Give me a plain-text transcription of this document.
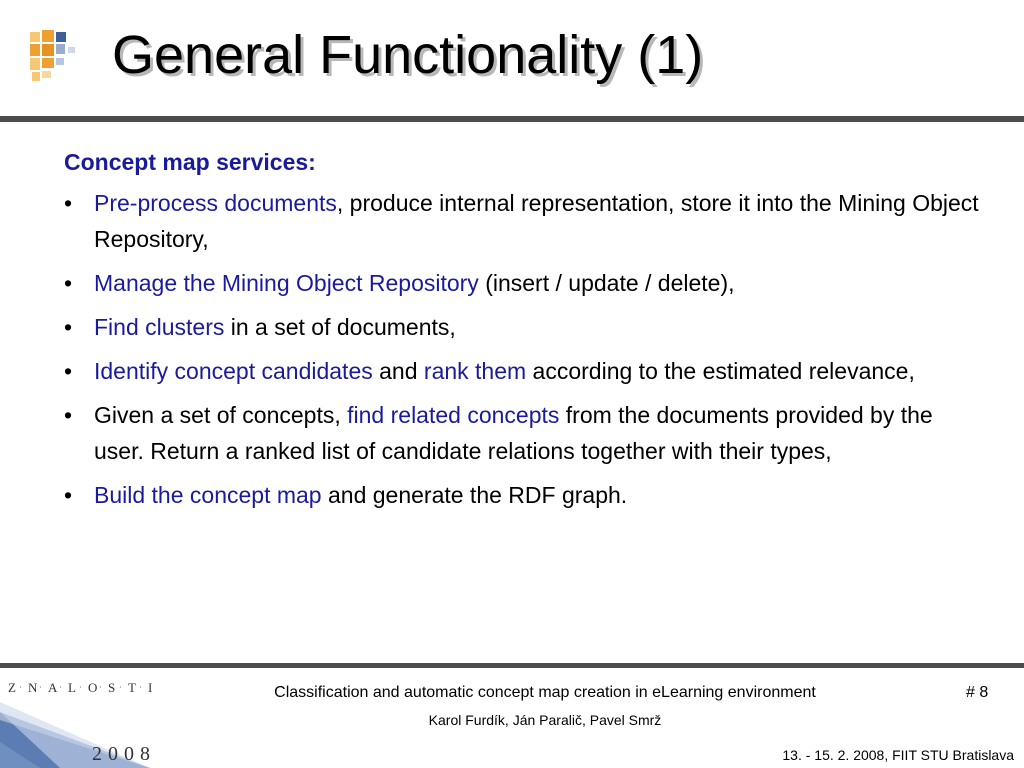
General Functionality (1)
Concept map services:
• Pre-process documents, produce internal representation, store it into the Mining Object Repository,
• Manage the Mining Object Repository (insert / update / delete),
• Find clusters in a set of documents,
• Identify concept candidates and rank them according to the estimated relevance,
• Given a set of concepts, find related concepts from the documents provided by the user. Return a ranked list of candidate relations together with their types,
• Build the concept map and generate the RDF graph.
Z · N · A · L · O · S · T · I
2008
Classification and automatic concept map creation in eLearning environment
Karol Furdík, Ján Paralič, Pavel Smrž
# 8
13. - 15. 2. 2008, FIIT STU Bratislava
